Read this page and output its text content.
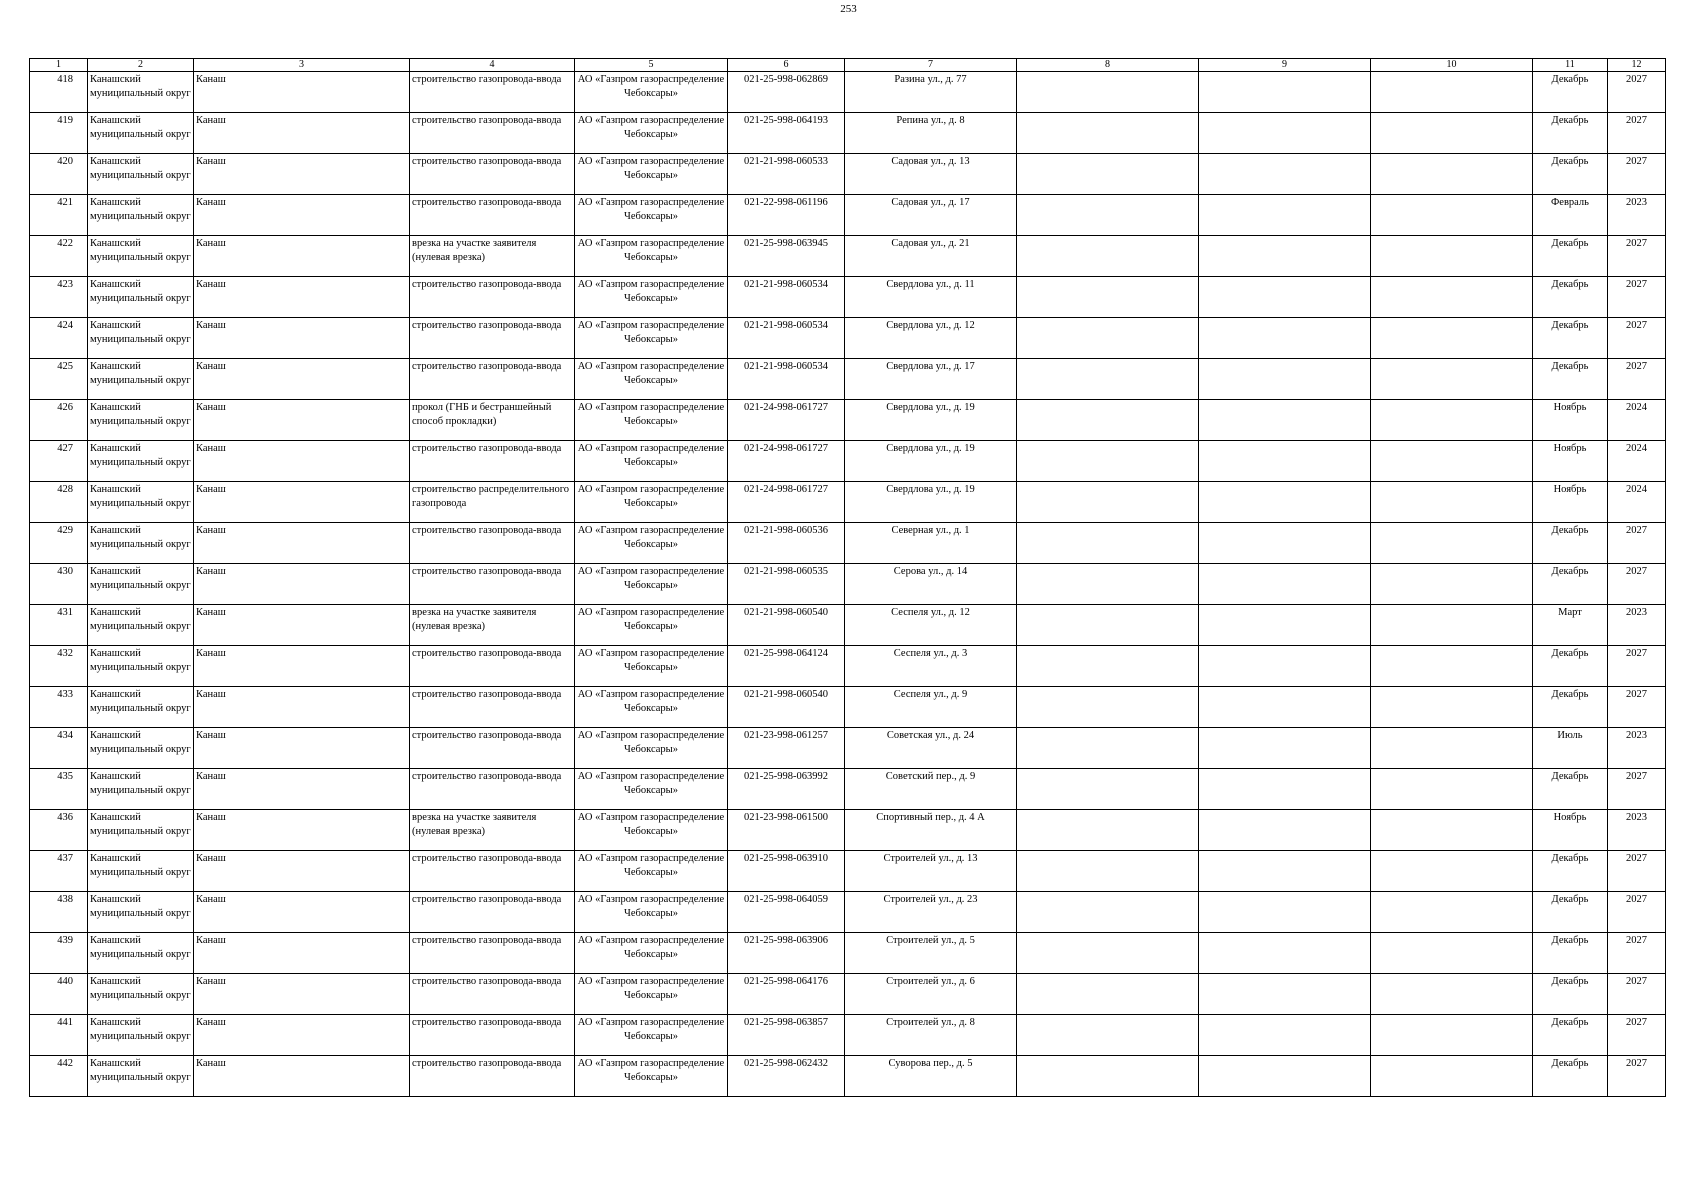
253
1	2	3	4	5	6	7	8	9	10	11	12

418	Канашский муниципальный округ	Канаш	строительство газопровода-ввода	АО «Газпром газораспределение Чебоксары»	021-25-998-062869	Разина ул., д. 77				Декабрь	2027

419	Канашский муниципальный округ	Канаш	строительство газопровода-ввода	АО «Газпром газораспределение Чебоксары»	021-25-998-064193	Репина ул., д. 8				Декабрь	2027

420	Канашский муниципальный округ	Канаш	строительство газопровода-ввода	АО «Газпром газораспределение Чебоксары»	021-21-998-060533	Садовая ул., д. 13				Декабрь	2027

421	Канашский муниципальный округ	Канаш	строительство газопровода-ввода	АО «Газпром газораспределение Чебоксары»	021-22-998-061196	Садовая ул., д. 17				Февраль	2023

422	Канашский муниципальный округ	Канаш	врезка на участке заявителя (нулевая врезка)	АО «Газпром газораспределение Чебоксары»	021-25-998-063945	Садовая ул., д. 21				Декабрь	2027

423	Канашский муниципальный округ	Канаш	строительство газопровода-ввода	АО «Газпром газораспределение Чебоксары»	021-21-998-060534	Свердлова ул., д. 11				Декабрь	2027

424	Канашский муниципальный округ	Канаш	строительство газопровода-ввода	АО «Газпром газораспределение Чебоксары»	021-21-998-060534	Свердлова ул., д. 12				Декабрь	2027

425	Канашский муниципальный округ	Канаш	строительство газопровода-ввода	АО «Газпром газораспределение Чебоксары»	021-21-998-060534	Свердлова ул., д. 17				Декабрь	2027

426	Канашский муниципальный округ	Канаш	прокол (ГНБ и бестраншейный способ прокладки)	АО «Газпром газораспределение Чебоксары»	021-24-998-061727	Свердлова ул., д. 19				Ноябрь	2024

427	Канашский муниципальный округ	Канаш	строительство газопровода-ввода	АО «Газпром газораспределение Чебоксары»	021-24-998-061727	Свердлова ул., д. 19				Ноябрь	2024

428	Канашский муниципальный округ	Канаш	строительство распределительного газопровода	АО «Газпром газораспределение Чебоксары»	021-24-998-061727	Свердлова ул., д. 19				Ноябрь	2024

429	Канашский муниципальный округ	Канаш	строительство газопровода-ввода	АО «Газпром газораспределение Чебоксары»	021-21-998-060536	Северная ул., д. 1				Декабрь	2027

430	Канашский муниципальный округ	Канаш	строительство газопровода-ввода	АО «Газпром газораспределение Чебоксары»	021-21-998-060535	Серова ул., д. 14				Декабрь	2027

431	Канашский муниципальный округ	Канаш	врезка на участке заявителя (нулевая врезка)	АО «Газпром газораспределение Чебоксары»	021-21-998-060540	Сеспеля ул., д. 12				Март	2023

432	Канашский муниципальный округ	Канаш	строительство газопровода-ввода	АО «Газпром газораспределение Чебоксары»	021-25-998-064124	Сеспеля ул., д. 3				Декабрь	2027

433	Канашский муниципальный округ	Канаш	строительство газопровода-ввода	АО «Газпром газораспределение Чебоксары»	021-21-998-060540	Сеспеля ул., д. 9				Декабрь	2027

434	Канашский муниципальный округ	Канаш	строительство газопровода-ввода	АО «Газпром газораспределение Чебоксары»	021-23-998-061257	Советская ул., д. 24				Июль	2023

435	Канашский муниципальный округ	Канаш	строительство газопровода-ввода	АО «Газпром газораспределение Чебоксары»	021-25-998-063992	Советский пер., д. 9				Декабрь	2027

436	Канашский муниципальный округ	Канаш	врезка на участке заявителя (нулевая врезка)	АО «Газпром газораспределение Чебоксары»	021-23-998-061500	Спортивный пер., д. 4 А				Ноябрь	2023

437	Канашский муниципальный округ	Канаш	строительство газопровода-ввода	АО «Газпром газораспределение Чебоксары»	021-25-998-063910	Строителей ул., д. 13				Декабрь	2027

438	Канашский муниципальный округ	Канаш	строительство газопровода-ввода	АО «Газпром газораспределение Чебоксары»	021-25-998-064059	Строителей ул., д. 23				Декабрь	2027

439	Канашский муниципальный округ	Канаш	строительство газопровода-ввода	АО «Газпром газораспределение Чебоксары»	021-25-998-063906	Строителей ул., д. 5				Декабрь	2027

440	Канашский муниципальный округ	Канаш	строительство газопровода-ввода	АО «Газпром газораспределение Чебоксары»	021-25-998-064176	Строителей ул., д. 6				Декабрь	2027

441	Канашский муниципальный округ	Канаш	строительство газопровода-ввода	АО «Газпром газораспределение Чебоксары»	021-25-998-063857	Строителей ул., д. 8				Декабрь	2027

442	Канашский муниципальный округ	Канаш	строительство газопровода-ввода	АО «Газпром газораспределение Чебоксары»	021-25-998-062432	Суворова пер., д. 5				Декабрь	2027
